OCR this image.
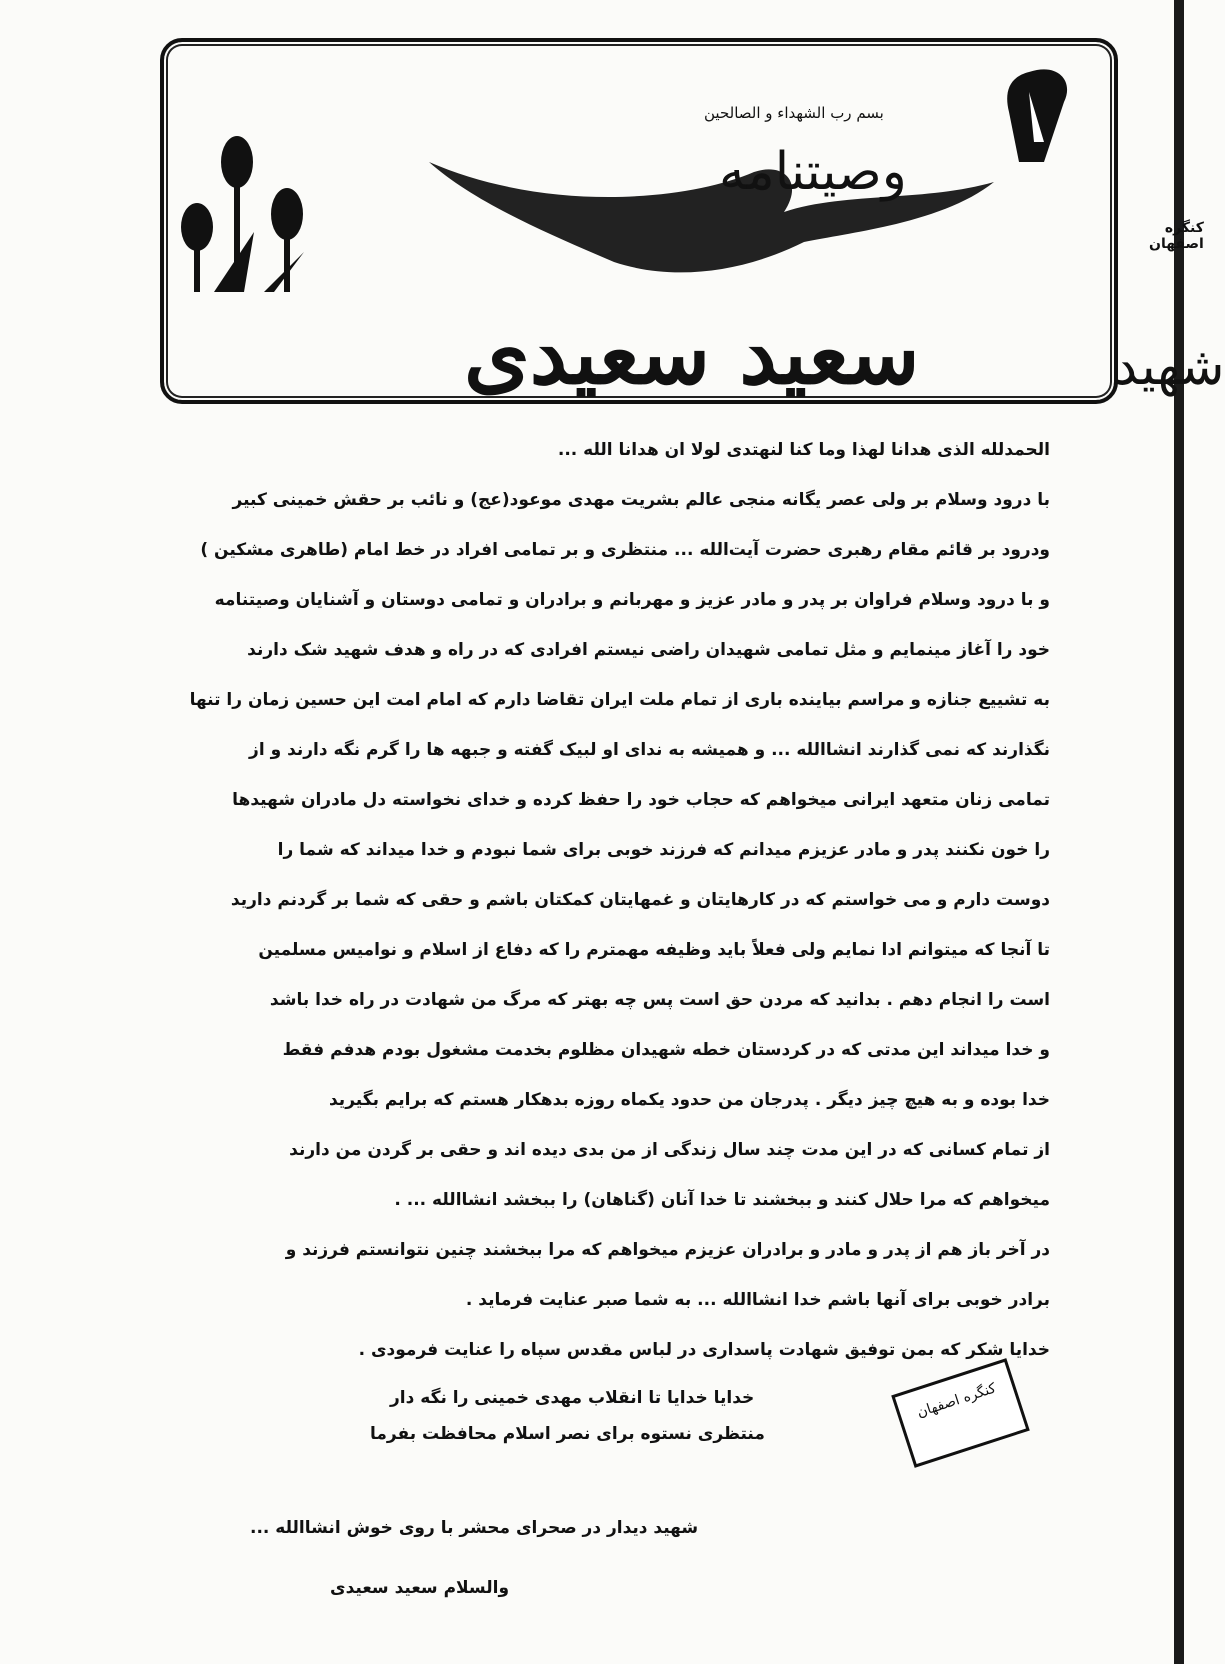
بسم رب الشهداء و الصالحین
وصیتنامه
کنگره اصفهان
سعید سعیدی	شهید
الحمدلله الذی هدانا لهذا وما کنا لنهتدی لولا ان هدانا الله ...
با درود وسلام بر ولی عصر یگانه منجی عالم بشریت مهدی موعود(عج) و نائب بر حقش خمینی کبیر
ودرود بر قائم مقام رهبری حضرت آیت‌الله ... منتظری و بر تمامی افراد در خط امام (طاهری مشکین )
و با درود وسلام فراوان بر پدر و مادر عزیز و مهربانم و برادران و تمامی دوستان و آشنایان وصیتنامه
خود را آغاز مینمایم و مثل تمامی شهیدان راضی نیستم افرادی که در راه و هدف شهید شک دارند
به تشییع جنازه و مراسم بیاینده باری از تمام ملت ایران تقاضا دارم که امام امت این حسین زمان را تنها
نگذارند که نمی گذارند انشاالله ... و همیشه به ندای او لبیک گفته و جبهه ها را گرم نگه دارند و از
تمامی زنان متعهد ایرانی میخواهم که حجاب خود را حفظ کرده و خدای نخواسته دل مادران شهیدها
را خون نکنند پدر و مادر عزیزم میدانم که فرزند خوبی برای شما نبودم و خدا میداند که شما را
دوست دارم و می خواستم که در کارهایتان و غمهایتان کمکتان باشم و حقی که شما بر گردنم دارید
تا آنجا که میتوانم ادا نمایم ولی فعلاً باید وظیفه مهمترم را که دفاع از اسلام و نوامیس مسلمین
است را انجام دهم . بدانید که مردن حق است پس چه بهتر که مرگ من شهادت در راه خدا باشد
و خدا میداند این مدتی که در کردستان خطه شهیدان مظلوم بخدمت مشغول بودم هدفم فقط
خدا بوده و به هیچ چیز دیگر . پدرجان من حدود یکماه روزه بدهکار هستم که برایم بگیرید
از تمام کسانی که در این مدت چند سال زندگی از من بدی دیده اند و حقی بر گردن من دارند
میخواهم که مرا حلال کنند و ببخشند تا خدا آنان (گناهان) را ببخشد انشاالله ... .
در آخر باز هم از پدر و مادر و برادران عزیزم میخواهم که مرا ببخشند چنین نتوانستم فرزند و
برادر خوبی برای آنها باشم خدا انشاالله ... به شما صبر عنایت فرماید .
خدایا شکر که بمن توفیق شهادت پاسداری در لباس مقدس سپاه را عنایت فرمودی .
خدایا خدایا تا انقلاب مهدی خمینی را نگه دار
منتظری نستوه برای نصر اسلام محافظت بفرما
شهید دیدار در صحرای محشر با روی خوش انشاالله ...
والسلام سعید سعیدی
کنگره اصفهان
